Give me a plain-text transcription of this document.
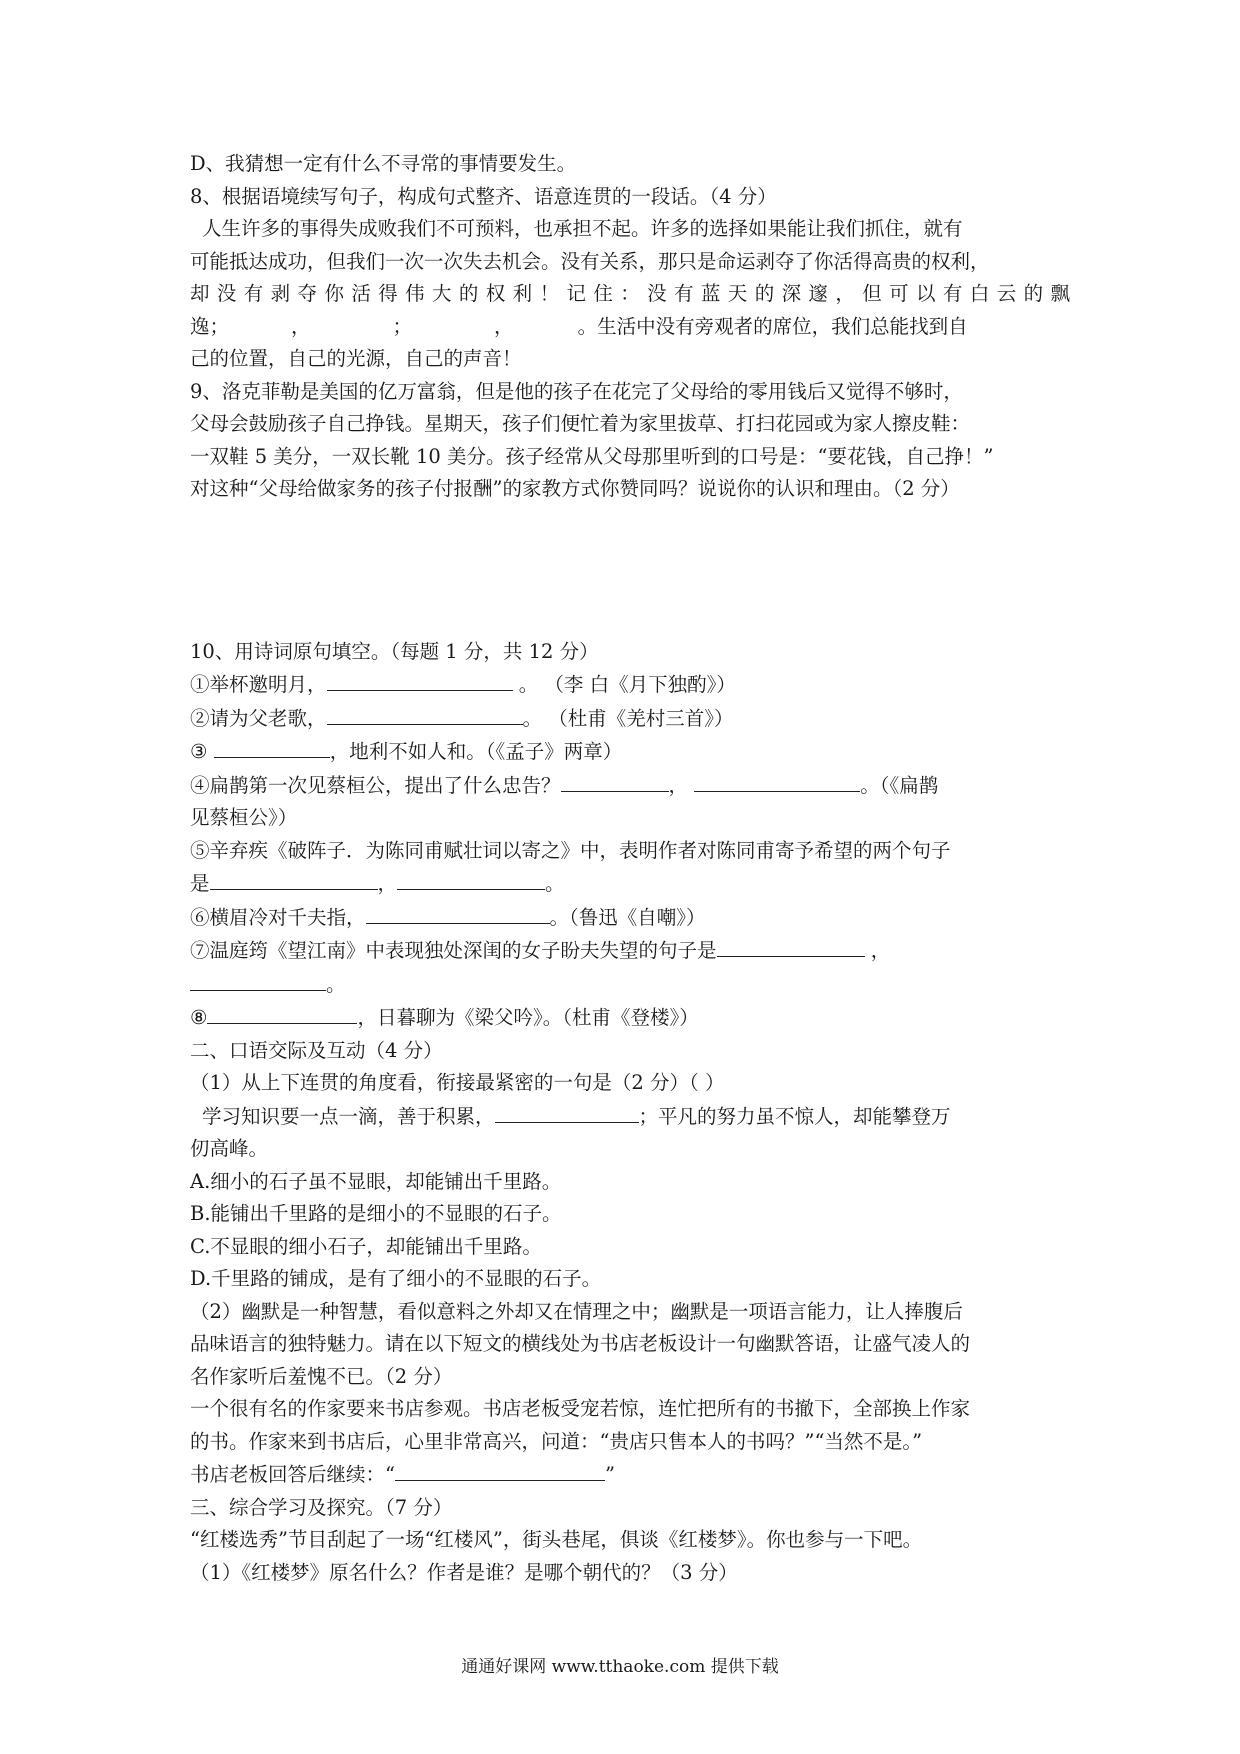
D、我猜想一定有什么不寻常的事情要发生。
8、根据语境续写句子，构成句式整齐、语意连贯的一段话。（4 分）
人生许多的事得失成败我们不可预料，也承担不起。许多的选择如果能让我们抓住，就有
可能抵达成功，但我们一次一次失去机会。没有关系，那只是命运剥夺了你活得高贵的权利，
却没有剥夺你活得伟大的权利！记住：没有蓝天的深邃，但可以有白云的飘
逸；	，	；	，	。生活中没有旁观者的席位，我们总能找到自
己的位置，自己的光源，自己的声音！
9、洛克菲勒是美国的亿万富翁，但是他的孩子在花完了父母给的零用钱后又觉得不够时，
父母会鼓励孩子自己挣钱。星期天，孩子们便忙着为家里拔草、打扫花园或为家人擦皮鞋：
一双鞋 5 美分，一双长靴 10 美分。孩子经常从父母那里听到的口号是：“要花钱，自己挣！”
对这种“父母给做家务的孩子付报酬”的家教方式你赞同吗？说说你的认识和理由。（2 分）
10、用诗词原句填空。（每题 1 分，共 12 分）
①举杯邀明月，	。 （李 白《月下独酌》）
②请为父老歌，	。 （杜甫《羌村三首》）
③	，地利不如人和。（《孟子》两章）
④扁鹊第一次见蔡桓公，提出了什么忠告？	，	。（《扁鹊
见蔡桓公》）
⑤辛弃疾《破阵子．为陈同甫赋壮词以寄之》中，表明作者对陈同甫寄予希望的两个句子
是	，	。
⑥横眉冷对千夫指，	。（鲁迅《自嘲》）
⑦温庭筠《望江南》中表现独处深闺的女子盼夫失望的句子是	，
。
⑧	，日暮聊为《梁父吟》。（杜甫《登楼》）
二、口语交际及互动（4 分）
（1）从上下连贯的角度看，衔接最紧密的一句是（2 分）（ ）
学习知识要一点一滴，善于积累，	；平凡的努力虽不惊人，却能攀登万
仞高峰。
A.细小的石子虽不显眼，却能铺出千里路。
B.能铺出千里路的是细小的不显眼的石子。
C.不显眼的细小石子，却能铺出千里路。
D.千里路的铺成，是有了细小的不显眼的石子。
（2）幽默是一种智慧，看似意料之外却又在情理之中；幽默是一项语言能力，让人捧腹后
品味语言的独特魅力。请在以下短文的横线处为书店老板设计一句幽默答语，让盛气凌人的
名作家听后羞愧不已。（2 分）
一个很有名的作家要来书店参观。书店老板受宠若惊，连忙把所有的书撤下，全部换上作家
的书。作家来到书店后，心里非常高兴，问道：“贵店只售本人的书吗？”“当然不是。”
书店老板回答后继续：“	”
三、综合学习及探究。（7 分）
“红楼选秀”节目刮起了一场“红楼风”，街头巷尾，俱谈《红楼梦》。你也参与一下吧。
（1）《红楼梦》原名什么？作者是谁？是哪个朝代的？（3 分）
通通好课网 www.tthaoke.com 提供下载
